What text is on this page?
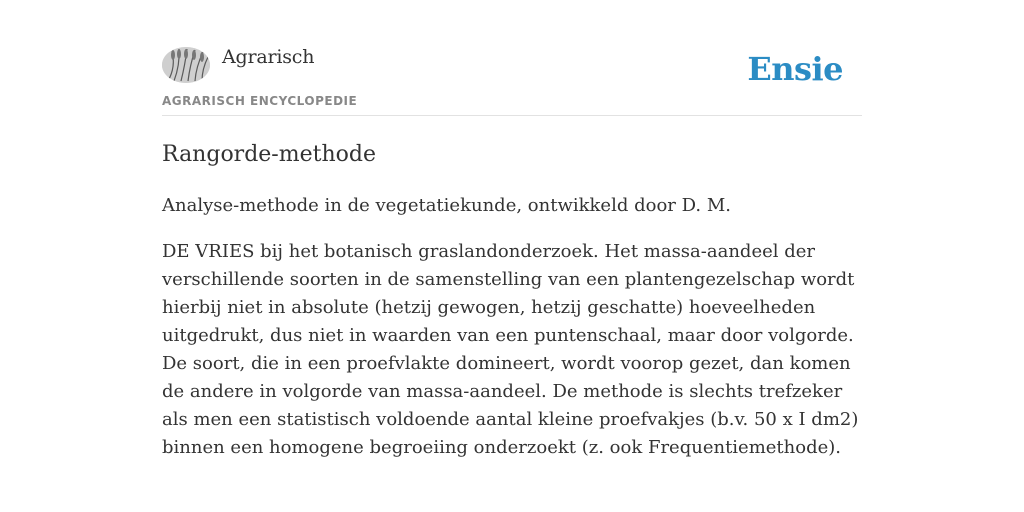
Agrarisch
AGRARISCH ENCYCLOPEDIE
Ensie
Rangorde-methode

Analyse-methode in de vegetatiekunde, ontwikkeld door D. M.

DE VRIES bij het botanisch graslandonderzoek. Het massa-aandeel der verschillende soorten in de samenstelling van een plantengezelschap wordt hierbij niet in absolute (hetzij gewogen, hetzij geschatte) hoeveelheden uitgedrukt, dus niet in waarden van een puntenschaal, maar door volgorde. De soort, die in een proefvlakte domineert, wordt voorop gezet, dan komen de andere in volgorde van massa-aandeel. De methode is slechts trefzeker als men een statistisch voldoende aantal kleine proefvakjes (b.v. 50 x I dm2) binnen een homogene begroeiing onderzoekt (z. ook Frequentiemethode).
